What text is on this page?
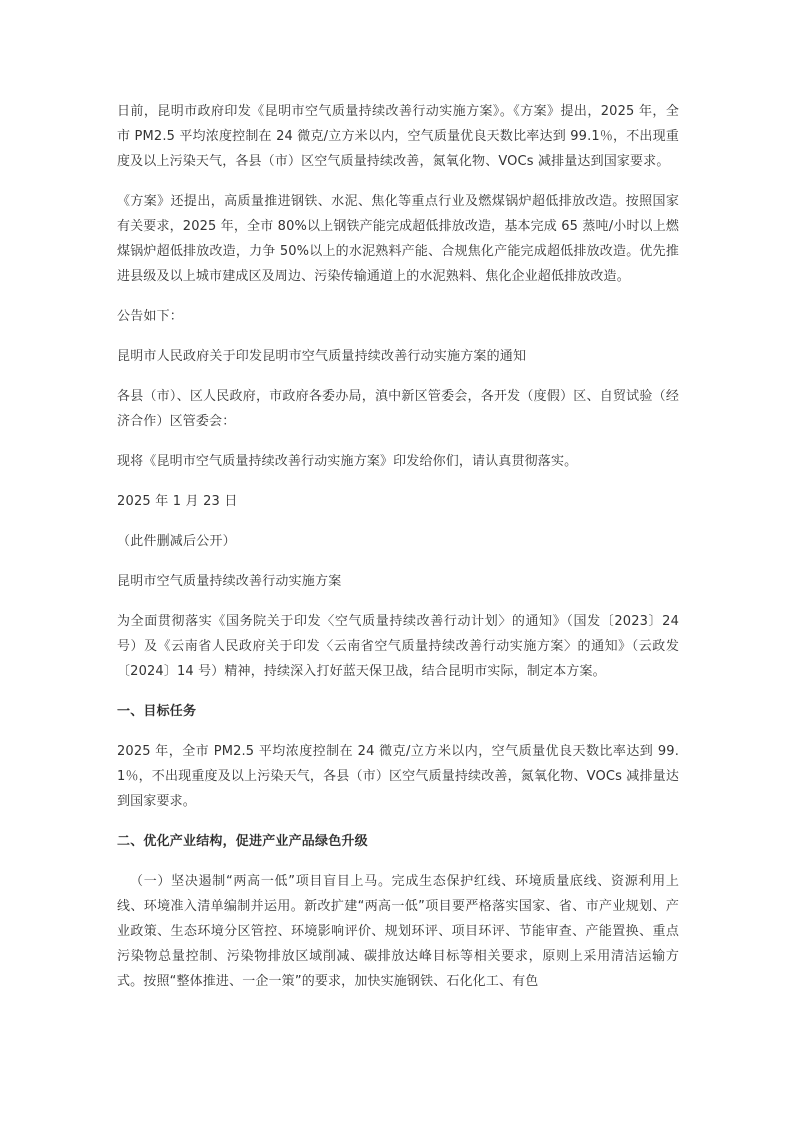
日前，昆明市政府印发《昆明市空气质量持续改善行动实施方案》。《方案》提出，2025 年，全市 PM2.5 平均浓度控制在 24 微克/立方米以内，空气质量优良天数比率达到 99.1％，不出现重度及以上污染天气，各县（市）区空气质量持续改善，氮氧化物、VOCs 减排量达到国家要求。

《方案》还提出，高质量推进钢铁、水泥、焦化等重点行业及燃煤锅炉超低排放改造。按照国家有关要求，2025 年，全市 80%以上钢铁产能完成超低排放改造，基本完成 65 蒸吨/小时以上燃煤锅炉超低排放改造，力争 50%以上的水泥熟料产能、合规焦化产能完成超低排放改造。优先推进县级及以上城市建成区及周边、污染传输通道上的水泥熟料、焦化企业超低排放改造。

公告如下：

昆明市人民政府关于印发昆明市空气质量持续改善行动实施方案的通知

各县（市）、区人民政府，市政府各委办局，滇中新区管委会，各开发（度假）区、自贸试验（经济合作）区管委会：

现将《昆明市空气质量持续改善行动实施方案》印发给你们，请认真贯彻落实。

2025 年 1 月 23 日

（此件删减后公开）

昆明市空气质量持续改善行动实施方案

为全面贯彻落实《国务院关于印发〈空气质量持续改善行动计划〉的通知》（国发〔2023〕24 号）及《云南省人民政府关于印发〈云南省空气质量持续改善行动实施方案〉的通知》（云政发〔2024〕14 号）精神，持续深入打好蓝天保卫战，结合昆明市实际，制定本方案。

一、目标任务

2025 年，全市 PM2.5 平均浓度控制在 24 微克/立方米以内，空气质量优良天数比率达到 99.1％，不出现重度及以上污染天气，各县（市）区空气质量持续改善，氮氧化物、VOCs 减排量达到国家要求。

二、优化产业结构，促进产业产品绿色升级

（一）坚决遏制“两高一低”项目盲目上马。完成生态保护红线、环境质量底线、资源利用上线、环境准入清单编制并运用。新改扩建“两高一低”项目要严格落实国家、省、市产业规划、产业政策、生态环境分区管控、环境影响评价、规划环评、项目环评、节能审查、产能置换、重点污染物总量控制、污染物排放区域削减、碳排放达峰目标等相关要求，原则上采用清洁运输方式。按照“整体推进、一企一策”的要求，加快实施钢铁、石化化工、有色
